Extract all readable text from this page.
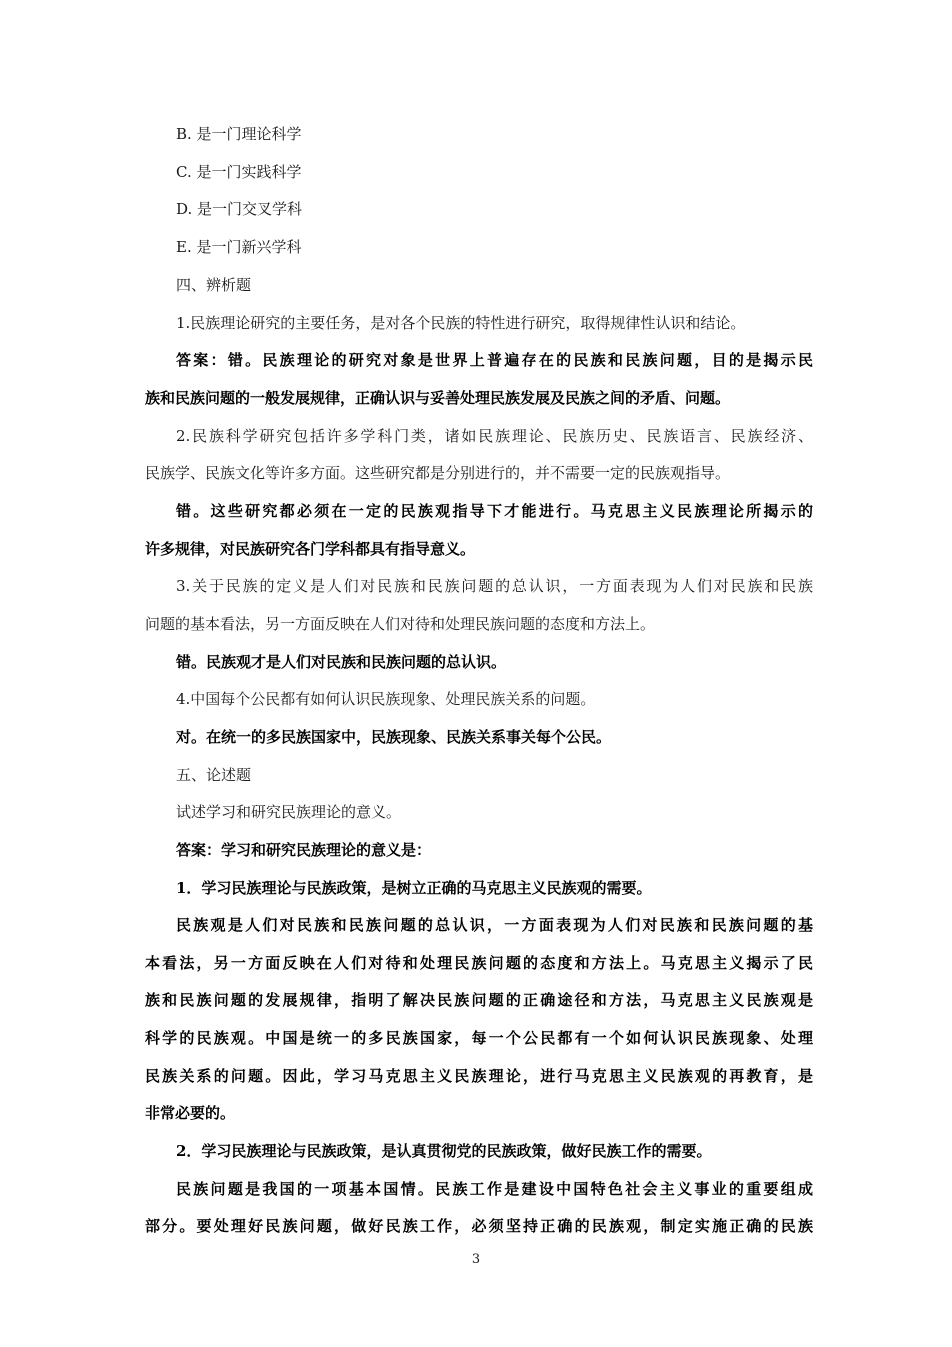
B. 是一门理论科学
C. 是一门实践科学
D. 是一门交叉学科
E. 是一门新兴学科
四、辨析题
1.民族理论研究的主要任务，是对各个民族的特性进行研究，取得规律性认识和结论。
答案：错。民族理论的研究对象是世界上普遍存在的民族和民族问题，目的是揭示民
族和民族问题的一般发展规律，正确认识与妥善处理民族发展及民族之间的矛盾、问题。
2.民族科学研究包括许多学科门类，诸如民族理论、民族历史、民族语言、民族经济、
民族学、民族文化等许多方面。这些研究都是分别进行的，并不需要一定的民族观指导。
错。这些研究都必须在一定的民族观指导下才能进行。马克思主义民族理论所揭示的
许多规律，对民族研究各门学科都具有指导意义。
3.关于民族的定义是人们对民族和民族问题的总认识，一方面表现为人们对民族和民族
问题的基本看法，另一方面反映在人们对待和处理民族问题的态度和方法上。
错。民族观才是人们对民族和民族问题的总认识。
4.中国每个公民都有如何认识民族现象、处理民族关系的问题。
对。在统一的多民族国家中，民族现象、民族关系事关每个公民。
五、论述题
试述学习和研究民族理论的意义。
答案：学习和研究民族理论的意义是：
1．学习民族理论与民族政策，是树立正确的马克思主义民族观的需要。
民族观是人们对民族和民族问题的总认识，一方面表现为人们对民族和民族问题的基
本看法，另一方面反映在人们对待和处理民族问题的态度和方法上。马克思主义揭示了民
族和民族问题的发展规律，指明了解决民族问题的正确途径和方法，马克思主义民族观是
科学的民族观。中国是统一的多民族国家，每一个公民都有一个如何认识民族现象、处理
民族关系的问题。因此，学习马克思主义民族理论，进行马克思主义民族观的再教育，是
非常必要的。
2．学习民族理论与民族政策，是认真贯彻党的民族政策，做好民族工作的需要。
民族问题是我国的一项基本国情。民族工作是建设中国特色社会主义事业的重要组成
部分。要处理好民族问题，做好民族工作，必须坚持正确的民族观，制定实施正确的民族
3
